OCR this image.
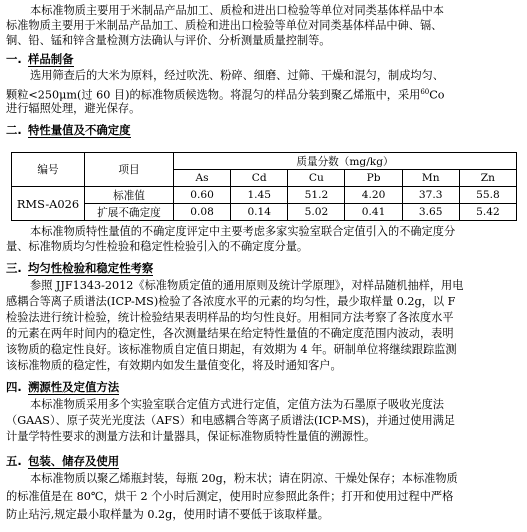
本标准物质主要用于米制品产品加工、质检和进出口检验等单位对同类基体样品中本
标准物质主要用于米制品产品加工、质检和进出口检验等单位对同类基体样品中砷、镉、
铜、铅、锰和锌含量检测方法确认与评价、分析测量质量控制等。
一. 样品制备
选用筛查后的大米为原料，经过吹洗、粉碎、细磨、过筛、干燥和混匀，制成均匀、
颗粒<250μm(过 60 目)的标准物质候选物。将混匀的样品分装到聚乙烯瓶中，采用$^{60}$Co
进行辐照处理，避光保存。
二. 特性量值及不确定度
编号	项目	质量分数（mg/kg）					
		As	Cd	Cu	Pb	Mn	Zn
RMS-A026	标准值	0.60	1.45	51.2	4.20	37.3	55.8
	扩展不确定度	0.08	0.14	5.02	0.41	3.65	5.42
本标准物质特性量值的不确定度评定中主要考虑多家实验室联合定值引入的不确定度分
量、标准物质均匀性检验和稳定性检验引入的不确定度分量。
三. 均匀性检验和稳定性考察
参照 JJF1343-2012《标准物质定值的通用原则及统计学原理》，对样品随机抽样，用电
感耦合等离子质谱法(ICP-MS)检验了各浓度水平的元素的均匀性，最少取样量 0.2g，以 F
检验法进行统计检验，统计检验结果表明样品的均匀性良好。用相同方法考察了各浓度水平
的元素在两年时间内的稳定性，各次测量结果在给定特性量值的不确定度范围内波动，表明
该物质的稳定性良好。该标准物质自定值日期起，有效期为 4 年。研制单位将继续跟踪监测
该标准物质的稳定性，有效期内如发生量值变化，将及时通知客户。
四. 溯源性及定值方法
本标准物质采用多个实验室联合定值方式进行定值，定值方法为石墨原子吸收光度法
（GAAS）、原子荧光光度法（AFS）和电感耦合等离子质谱法(ICP-MS)，并通过使用满足
计量学特性要求的测量方法和计量器具，保证标准物质特性量值的溯源性。
五. 包装、储存及使用
本标准物质以聚乙烯瓶封装，每瓶 20g，粉末状；请在阴凉、干燥处保存；本标准物质
的标准值是在 80℃，烘干 2 个小时后测定，使用时应参照此条件；打开和使用过程中严格
防止玷污,规定最小取样量为 0.2g，使用时请不要低于该取样量。
